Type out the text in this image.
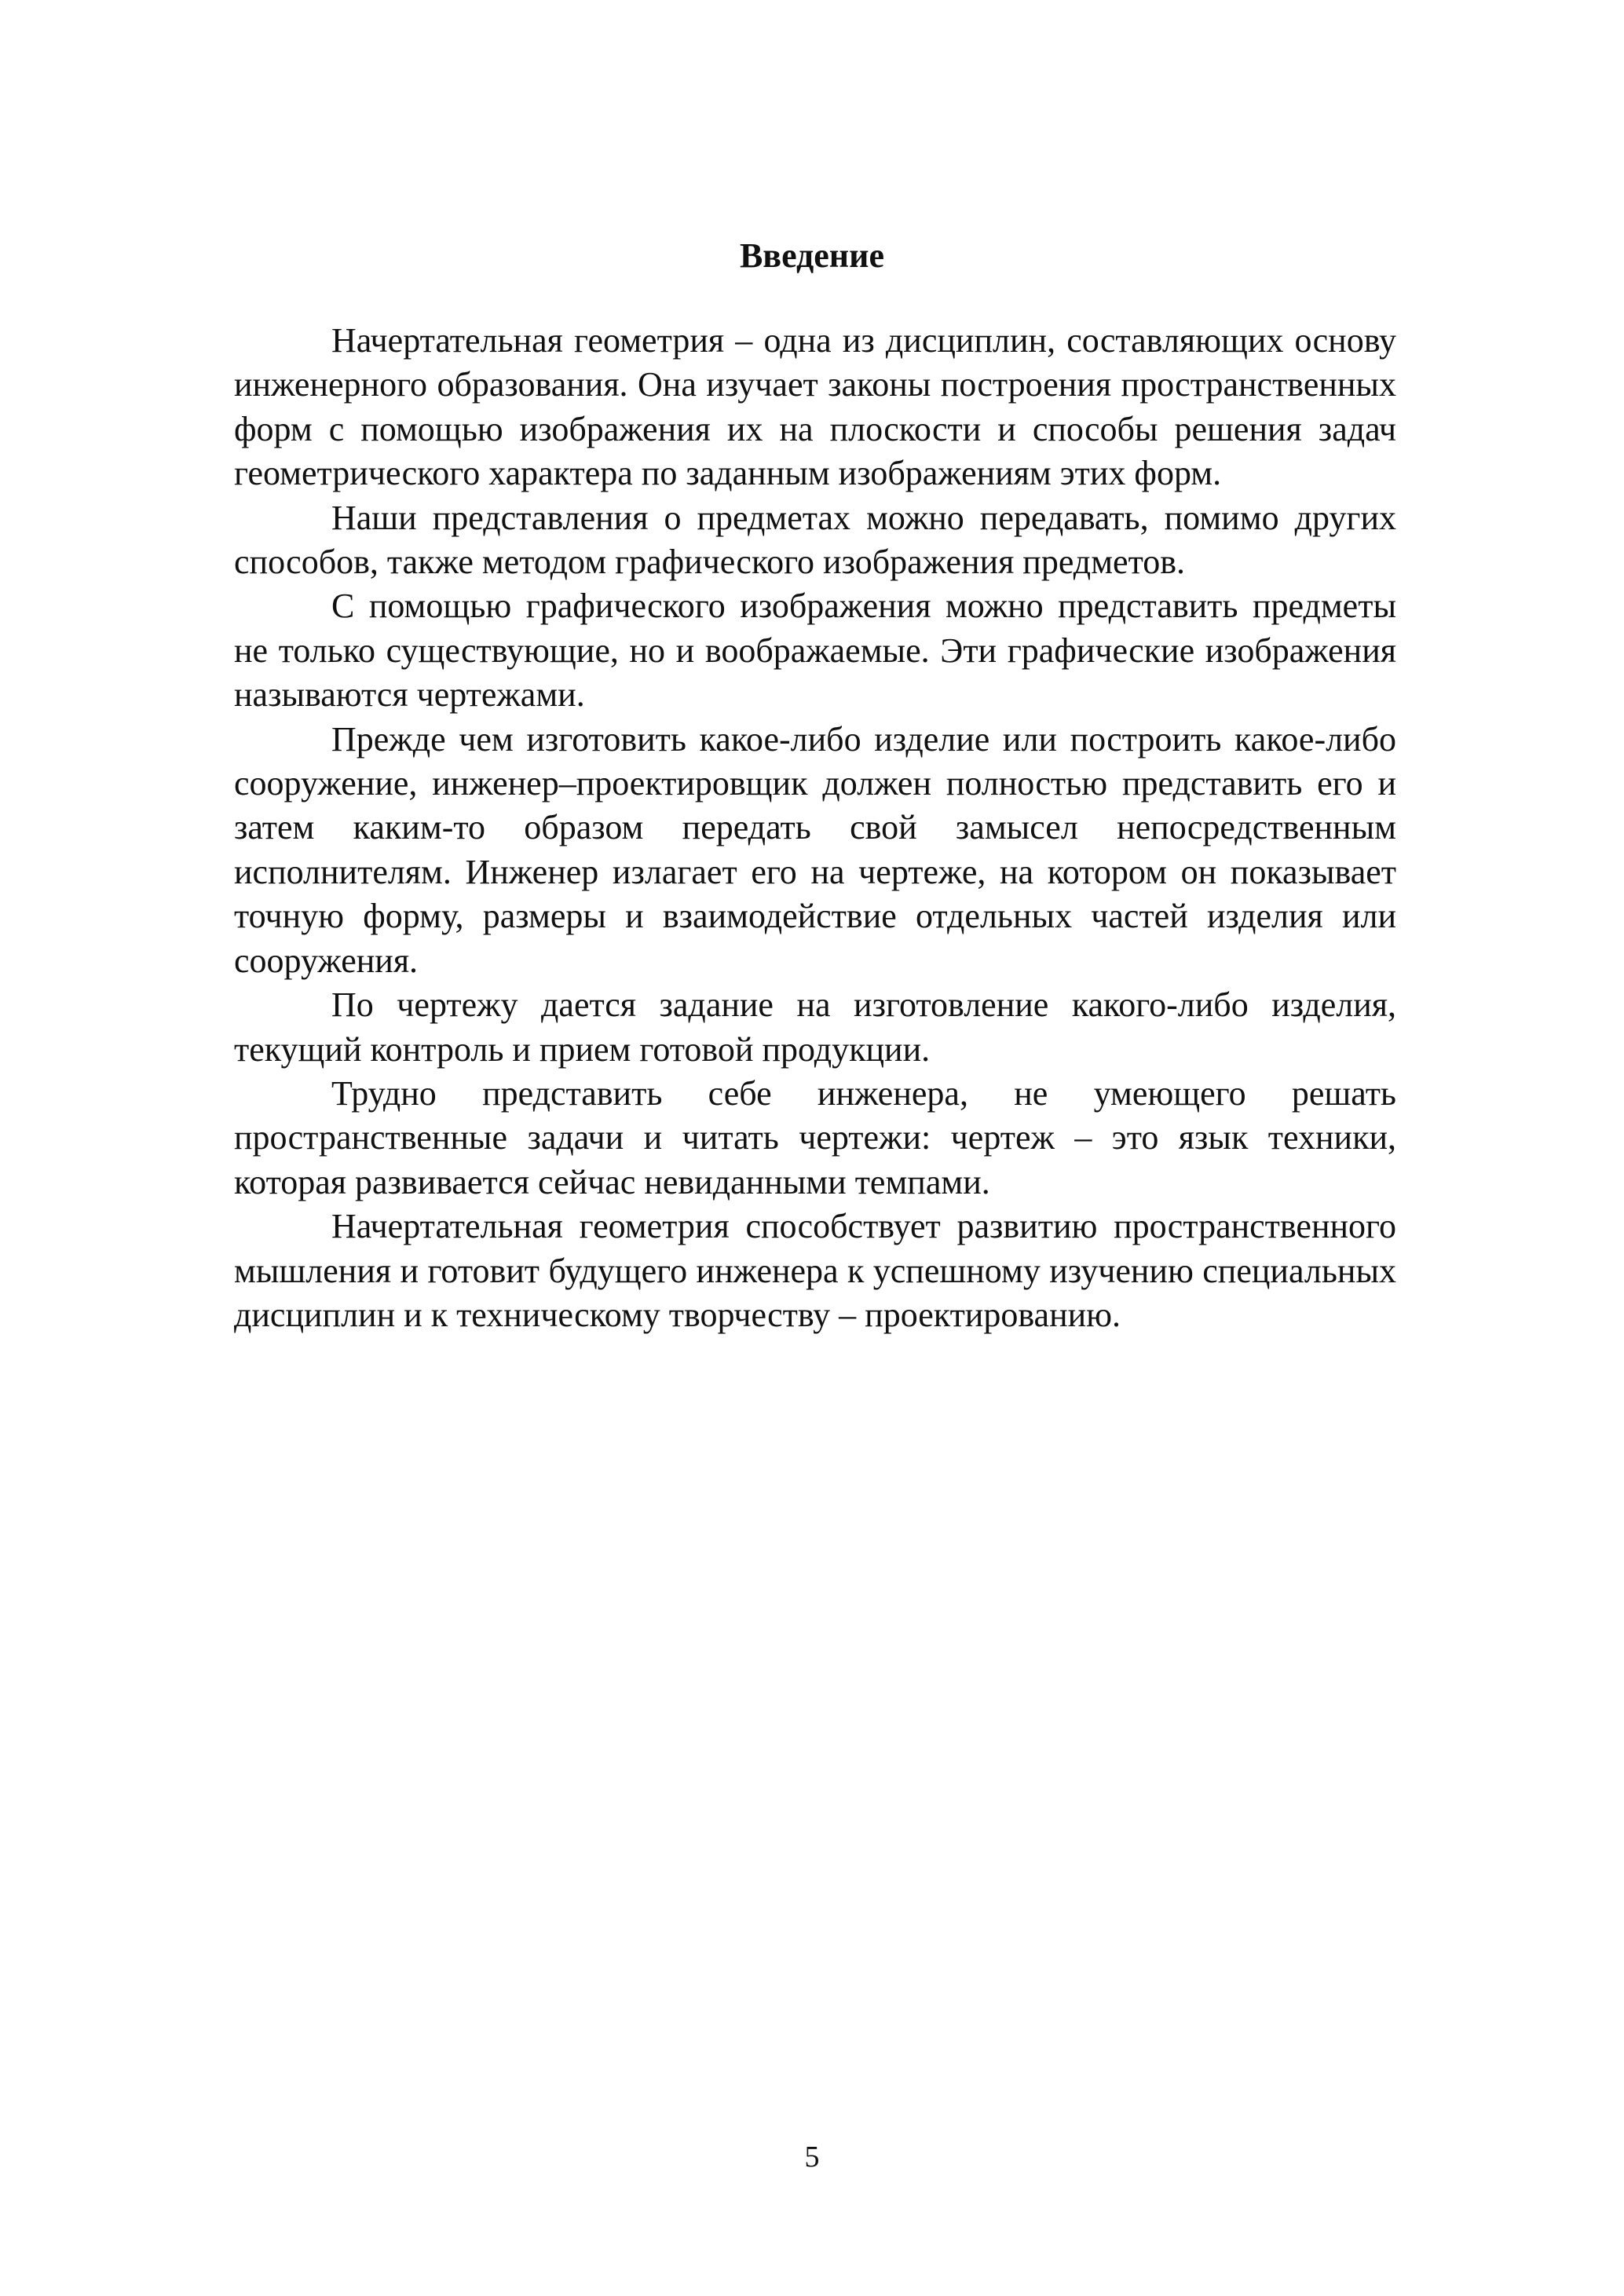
Введение

Начертательная геометрия – одна из дисциплин, составляющих основу инженерного образования. Она изучает законы построения пространственных форм с помощью изображения их на плоскости и способы решения задач геометрического характера по заданным изображениям этих форм.

Наши представления о предметах можно передавать, помимо других способов, также методом графического изображения предметов.

С помощью графического изображения можно представить предметы не только существующие, но и воображаемые. Эти графические изображения называются чертежами.

Прежде чем изготовить какое-либо изделие или построить какое-либо сооружение, инженер–проектировщик должен полностью представить его и затем каким-то образом передать свой замысел непосредственным исполнителям. Инженер излагает его на чертеже, на котором он показывает точную форму, размеры и взаимодействие отдельных частей изделия или сооружения.

По чертежу дается задание на изготовление какого-либо изделия, текущий контроль и прием готовой продукции.

Трудно представить себе инженера, не умеющего решать пространственные задачи и читать чертежи: чертеж – это язык техники, которая развивается сейчас невиданными темпами.

Начертательная геометрия способствует развитию пространственного мышления и готовит будущего инженера к успешному изучению специальных дисциплин и к техническому творчеству – проектированию.

5
